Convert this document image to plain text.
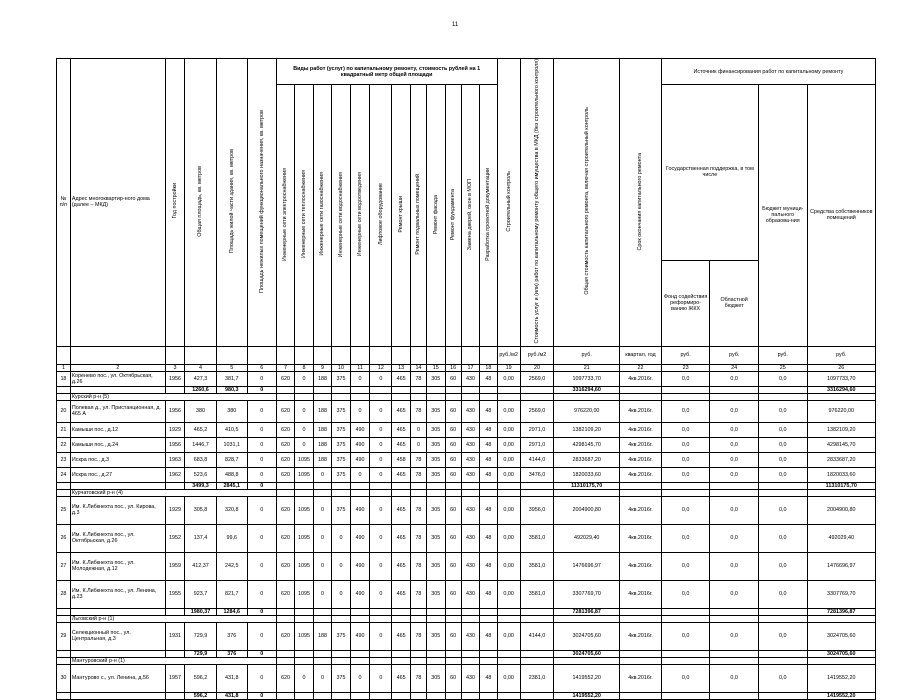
11
№ п/п	Адрес многоквартир-ного дома (далее – МКД)	Год постройки	Общая площадь, кв. метров	Площадь жилой части здания, кв. метров	Площадь нежилых помещений функционального назначения, кв. метров	Виды работ (услуг) по капитальному ремонту, стоимость рублей на 1 квадратный метр общей площади												Строительный контроль	Стоимость услуг и (или) работ по капитальному ремонту общего имущества в МКД (без строительного контроля)	Общая стоимость капитального ремонта, включая строительный контроль	Срок окончания капитального ремонта	Источник финансирования работ по капитальному ремонту			
						Инженерные сети электроснабжения	Инженерные сети теплоснабжения	Инженерные сети газоснабжения	Инженерные сети водоснабжения	Инженерные сети водоотведения	Лифтовое оборудование	Ремонт крыши	Ремонт подвальных помещений	Ремонт фасада	Ремонт фундамента	Замена дверей, окон в МОП	Разработка проектной документации					Государственная поддержка, в том числе		Бюджет муници-пального образова-ния	Средства собственников помещений
																						Фонд содействия реформиро-ванию ЖКХ	Областной бюджет		
																		руб./м2	руб./м2	руб.	квартал, год	руб.	руб.	руб.	руб.
1	2	3	4	5	6	7	8	9	10	11	12	13	14	15	16	17	18	19	20	21	22	23	24	25	26
18	Кореневo пос., ул. Октябрьская, д.26	1956	427,3	381,7	0	620	0	188	375	0	0	465	78	305	60	430	48	0,00	2569,0	1097733,70	4кв.2016г.	0,0	0,0	0,0	1097733,70
			1260,6	980,3	0															3316294,60					3316294,60
	Курский р-н (5)																								
20	Полевая д., ул. Пристанционная, д. 465 А	1956	380	380	0	620	0	188	375	0	0	465	78	305	60	430	48	0,00	2569,0	976220,00	4кв.2016г.	0,0	0,0	0,0	976220,00
21	Камыши пос., д.12	1929	465,2	410,5	0	620	0	188	375	490	0	465	0	305	60	430	48	0,00	2971,0	1382109,20	4кв.2016г.	0,0	0,0	0,0	1382109,20
22	Камыши пос., д.24	1956	1446,7	1031,1	0	620	0	188	375	490	0	465	0	305	60	430	48	0,00	2971,0	4298145,70	4кв.2016г.	0,0	0,0	0,0	4298145,70
23	Искра пос., д.3	1963	683,8	828,7	0	620	1095	188	375	490	0	458	78	305	60	430	48	0,00	4144,0	2833687,20	4кв.2016г.	0,0	0,0	0,0	2833687,20
24	Искра пос., д.27	1962	523,6	488,8	0	620	1095	0	375	0	0	465	78	305	60	430	48	0,00	3476,0	1820033,60	4кв.2016г.	0,0	0,0	0,0	1820033,60
			3499,3	2845,1	0															11310175,70					11310175,70
	Курчатовский р-н (4)																								
25	Им. К.Либкнехта пос., ул. Кирова, д.3	1929	305,8	320,8	0	620	1095	0	375	490	0	465	78	305	60	430	48	0,00	3956,0	2004900,80	4кв.2016г.	0,0	0,0	0,0	2004900,80
26	Им. К.Либкнехта пос., ул. Октябрьская, д.26	1952	137,4	99,6	0	620	1095	0	0	490	0	465	78	305	60	430	48	0,00	3581,0	492029,40	4кв.2016г.	0,0	0,0	0,0	492029,40
27	Им. К.Либкнехта пос., ул. Молодежная, д.12	1959	412,37	242,5	0	620	1095	0	0	490	0	465	78	305	60	430	48	0,00	3581,0	1476696,97	4кв.2016г.	0,0	0,0	0,0	1476696,97
28	Им. К.Либкнехта пос., ул. Ленина, д.23	1955	923,7	821,7	0	620	1095	0	0	490	0	465	78	305	60	430	48	0,00	3581,0	3307769,70	4кв.2016г.	0,0	0,0	0,0	3307769,70
			1980,37	1284,6	0															7281396,87					7281396,87
	Льговский р-н (1)																								
29	Селекционный пос., ул. Центральная, д.3	1931	729,9	376	0	620	1095	188	375	490	0	465	78	305	60	430	48	0,00	4144,0	3024705,60	4кв.2016г.	0,0	0,0	0,0	3024705,60
			729,9	376	0															3024705,60					3024705,60
	Мантуровский р-н (1)																								
30	Мантурово с., ул. Ленина, д.56	1957	596,2	431,8	0	620	0	0	375	0	0	465	78	305	60	430	48	0,00	2381,0	1419552,20	4кв.2016г.	0,0	0,0	0,0	1419552,20
			596,2	431,8	0															1419552,20					1419552,20
